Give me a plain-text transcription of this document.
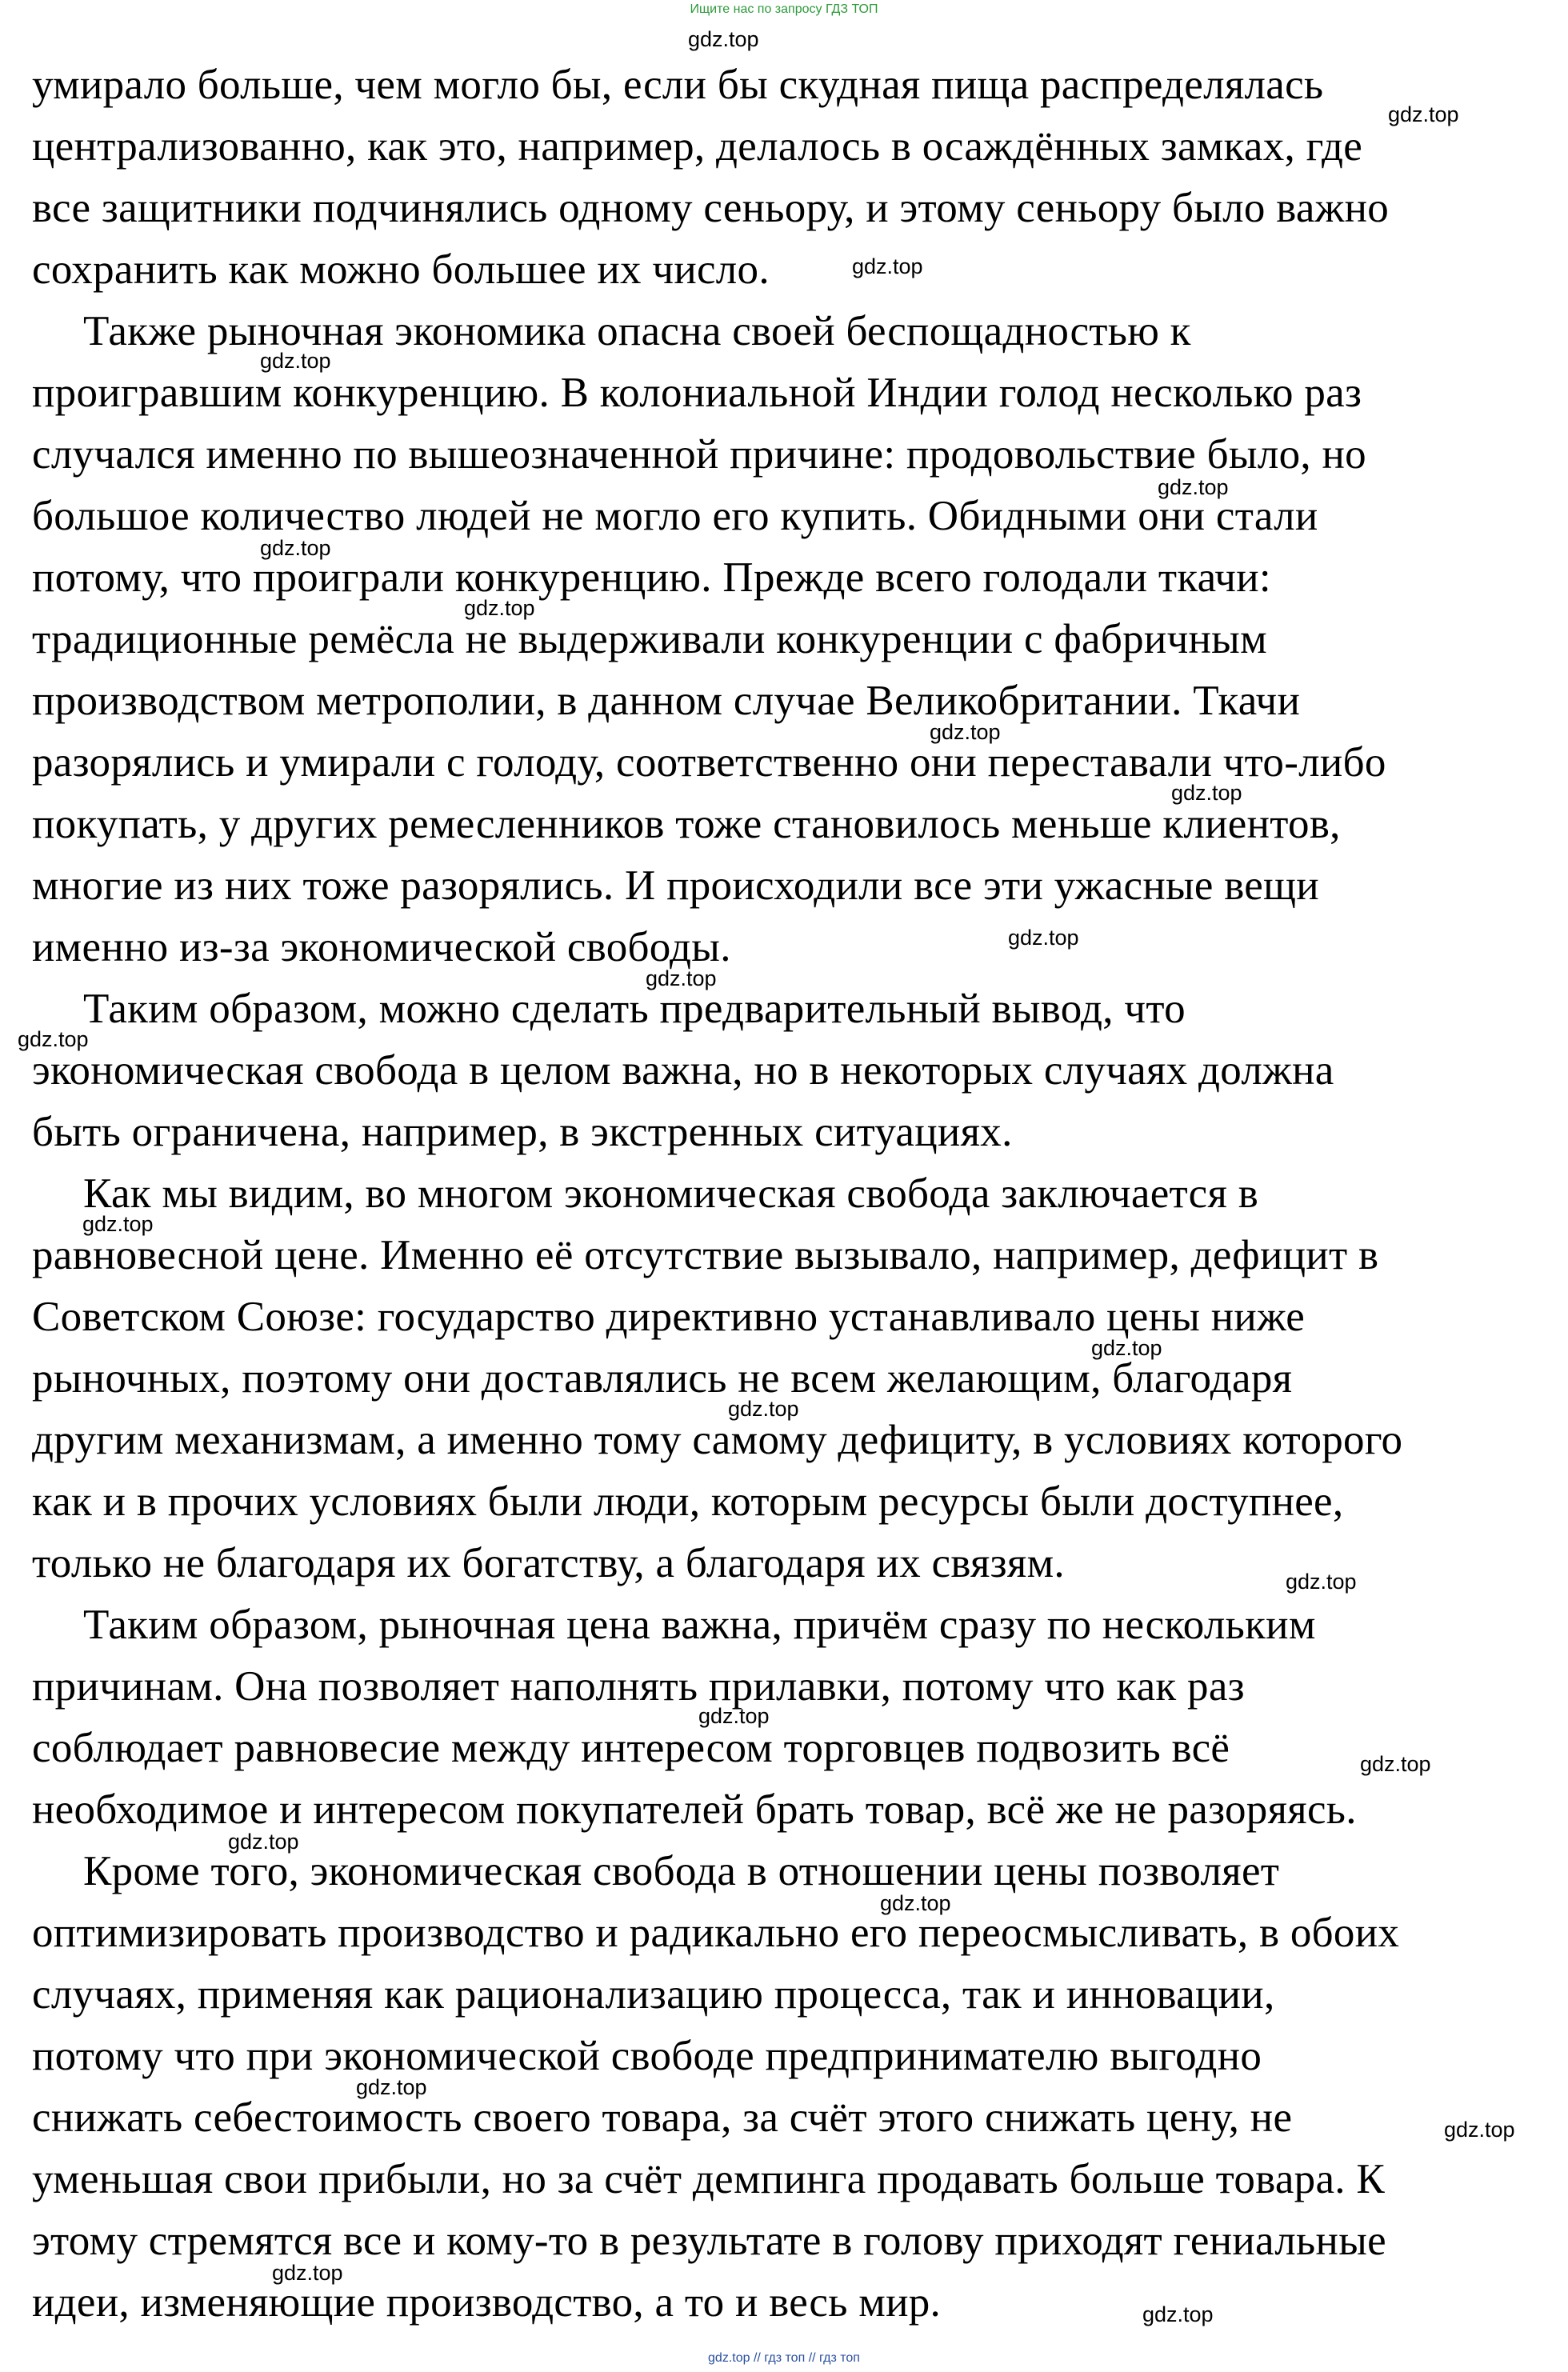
Ищите нас по запросу ГДЗ ТОП

умирало больше, чем могло бы, если бы скудная пища распределялась
централизованно, как это, например, делалось в осаждённых замках, где
все защитники подчинялись одному сеньору, и этому сеньору было важно
сохранить как можно большее их число.

Также рыночная экономика опасна своей беспощадностью к
проигравшим конкуренцию. В колониальной Индии голод несколько раз
случался именно по вышеозначенной причине: продовольствие было, но
большое количество людей не могло его купить. Обидными они стали
потому, что проиграли конкуренцию. Прежде всего голодали ткачи:
традиционные ремёсла не выдерживали конкуренции с фабричным
производством метрополии, в данном случае Великобритании. Ткачи
разорялись и умирали с голоду, соответственно они переставали что-либо
покупать, у других ремесленников тоже становилось меньше клиентов,
многие из них тоже разорялись. И происходили все эти ужасные вещи
именно из-за экономической свободы.

Таким образом, можно сделать предварительный вывод, что
экономическая свобода в целом важна, но в некоторых случаях должна
быть ограничена, например, в экстренных ситуациях.

Как мы видим, во многом экономическая свобода заключается в
равновесной цене. Именно её отсутствие вызывало, например, дефицит в
Советском Союзе: государство директивно устанавливало цены ниже
рыночных, поэтому они доставлялись не всем желающим, благодаря
другим механизмам, а именно тому самому дефициту, в условиях которого
как и в прочих условиях были люди, которым ресурсы были доступнее,
только не благодаря их богатству, а благодаря их связям.

Таким образом, рыночная цена важна, причём сразу по нескольким
причинам. Она позволяет наполнять прилавки, потому что как раз
соблюдает равновесие между интересом торговцев подвозить всё
необходимое и интересом покупателей брать товар, всё же не разоряясь.

Кроме того, экономическая свобода в отношении цены позволяет
оптимизировать производство и радикально его переосмысливать, в обоих
случаях, применяя как рационализацию процесса, так и инновации,
потому что при экономической свободе предпринимателю выгодно
снижать себестоимость своего товара, за счёт этого снижать цену, не
уменьшая свои прибыли, но за счёт демпинга продавать больше товара. К
этому стремятся все и кому-то в результате в голову приходят гениальные
идеи, изменяющие производство, а то и весь мир.

gdz.top
gdz.top
gdz.top
gdz.top
gdz.top
gdz.top
gdz.top
gdz.top
gdz.top
gdz.top
gdz.top
gdz.top
gdz.top
gdz.top
gdz.top
gdz.top
gdz.top
gdz.top
gdz.top
gdz.top
gdz.top
gdz.top
gdz.top
gdz.top
gdz.top // гдз топ // гдз топ
